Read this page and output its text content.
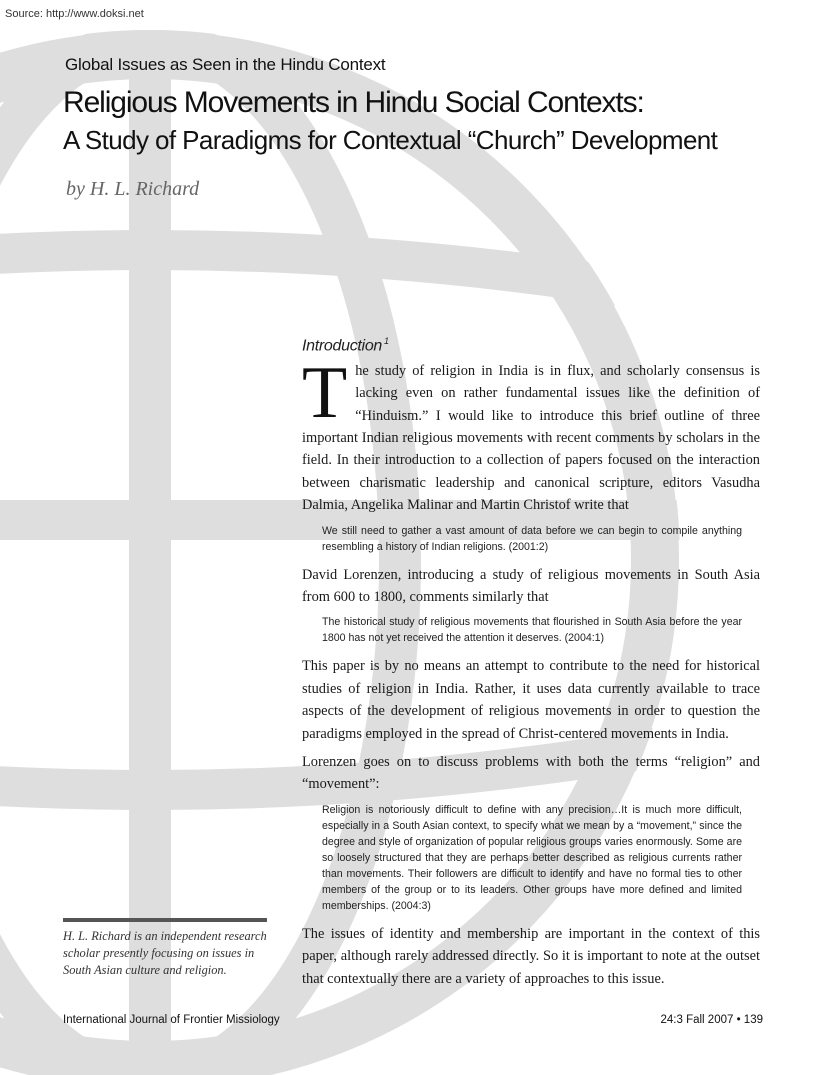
Source: http://www.doksi.net
Global Issues as Seen in the Hindu Context
Religious Movements in Hindu Social Contexts:
A Study of Paradigms for Contextual “Church” Development
by H. L. Richard
Introduction $^1$

The study of religion in India is in flux, and scholarly consensus is lacking even on rather fundamental issues like the definition of “Hinduism.” I would like to introduce this brief outline of three important Indian religious movements with recent comments by scholars in the field. In their introduction to a collection of papers focused on the interaction between charismatic leadership and canonical scripture, editors Vasudha Dalmia, Angelika Malinar and Martin Christof write that

We still need to gather a vast amount of data before we can begin to compile anything resembling a history of Indian religions. (2001:2)

David Lorenzen, introducing a study of religious movements in South Asia from 600 to 1800, comments similarly that

The historical study of religious movements that flourished in South Asia before the year 1800 has not yet received the attention it deserves. (2004:1)

This paper is by no means an attempt to contribute to the need for historical studies of religion in India. Rather, it uses data currently available to trace aspects of the development of religious movements in order to question the paradigms employed in the spread of Christ-centered movements in India.

Lorenzen goes on to discuss problems with both the terms “religion” and “movement”:

Religion is notoriously difficult to define with any precision…It is much more difficult, especially in a South Asian context, to specify what we mean by a “movement,” since the degree and style of organization of popular religious groups varies enormously. Some are so loosely structured that they are perhaps better described as religious currents rather than movements. Their followers are difficult to identify and have no formal ties to other members of the group or to its leaders. Other groups have more defined and limited memberships. (2004:3)

The issues of identity and membership are important in the context of this paper, although rarely addressed directly. So it is important to note at the outset that contextually there are a variety of approaches to this issue.

H. L. Richard is an independent research scholar presently focusing on issues in South Asian culture and religion.
International Journal of Frontier Missiology	24:3 Fall 2007 • 139
